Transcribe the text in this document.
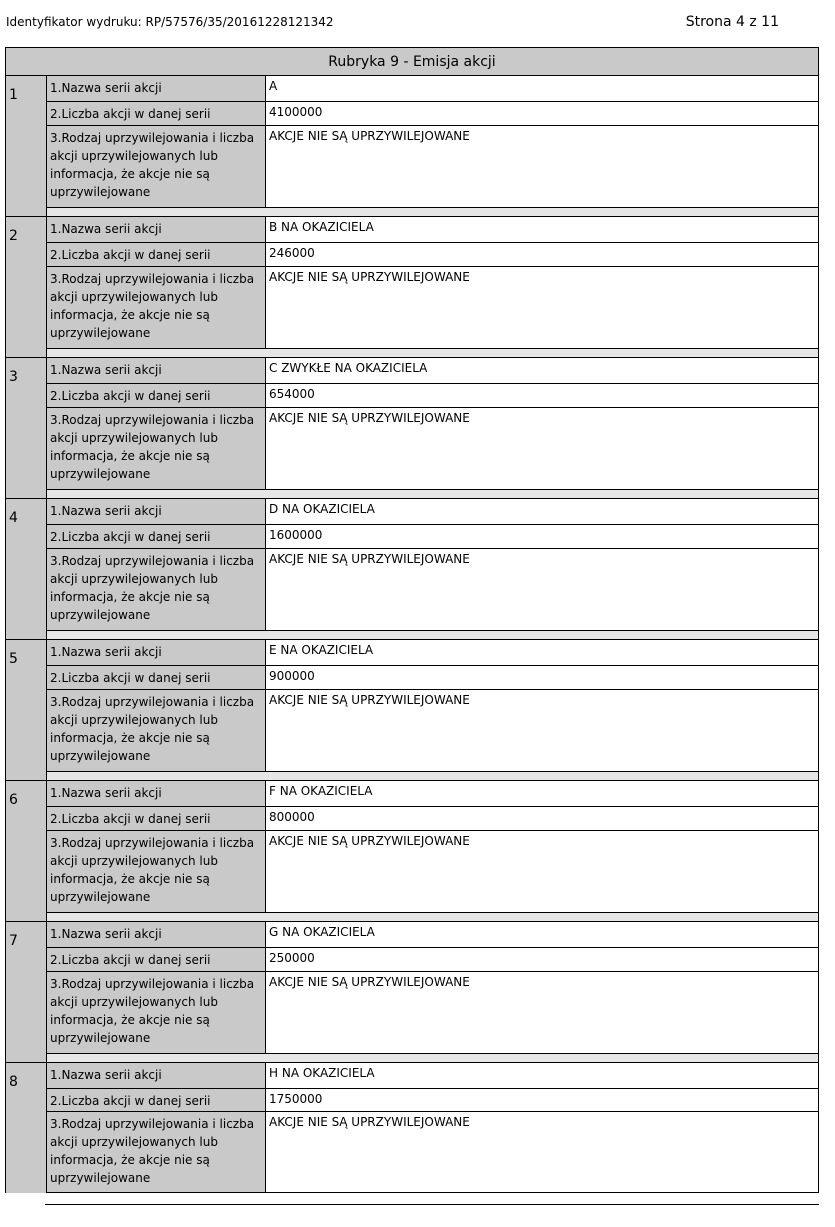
Identyfikator wydruku: RP/57576/35/20161228121342	Strona 4 z 11
Rubryka 9 - Emisja akcji
1	1.Nazwa serii akcji	A
2.Liczba akcji w danej serii	4100000
3.Rodzaj uprzywilejowania i liczba akcji uprzywilejowanych lub informacja, że akcje nie są uprzywilejowane
AKCJE NIE SĄ UPRZYWILEJOWANE
2	1.Nazwa serii akcji	B NA OKAZICIELA
2.Liczba akcji w danej serii	246000
3.Rodzaj uprzywilejowania i liczba akcji uprzywilejowanych lub informacja, że akcje nie są uprzywilejowane
AKCJE NIE SĄ UPRZYWILEJOWANE
3	1.Nazwa serii akcji	C ZWYKŁE NA OKAZICIELA
2.Liczba akcji w danej serii	654000
3.Rodzaj uprzywilejowania i liczba akcji uprzywilejowanych lub informacja, że akcje nie są uprzywilejowane
AKCJE NIE SĄ UPRZYWILEJOWANE
4	1.Nazwa serii akcji	D NA OKAZICIELA
2.Liczba akcji w danej serii	1600000
3.Rodzaj uprzywilejowania i liczba akcji uprzywilejowanych lub informacja, że akcje nie są uprzywilejowane
AKCJE NIE SĄ UPRZYWILEJOWANE
5	1.Nazwa serii akcji	E NA OKAZICIELA
2.Liczba akcji w danej serii	900000
3.Rodzaj uprzywilejowania i liczba akcji uprzywilejowanych lub informacja, że akcje nie są uprzywilejowane
AKCJE NIE SĄ UPRZYWILEJOWANE
6	1.Nazwa serii akcji	F NA OKAZICIELA
2.Liczba akcji w danej serii	800000
3.Rodzaj uprzywilejowania i liczba akcji uprzywilejowanych lub informacja, że akcje nie są uprzywilejowane
AKCJE NIE SĄ UPRZYWILEJOWANE
7	1.Nazwa serii akcji	G NA OKAZICIELA
2.Liczba akcji w danej serii	250000
3.Rodzaj uprzywilejowania i liczba akcji uprzywilejowanych lub informacja, że akcje nie są uprzywilejowane
AKCJE NIE SĄ UPRZYWILEJOWANE
8	1.Nazwa serii akcji	H NA OKAZICIELA
2.Liczba akcji w danej serii	1750000
3.Rodzaj uprzywilejowania i liczba akcji uprzywilejowanych lub informacja, że akcje nie są uprzywilejowane
AKCJE NIE SĄ UPRZYWILEJOWANE
